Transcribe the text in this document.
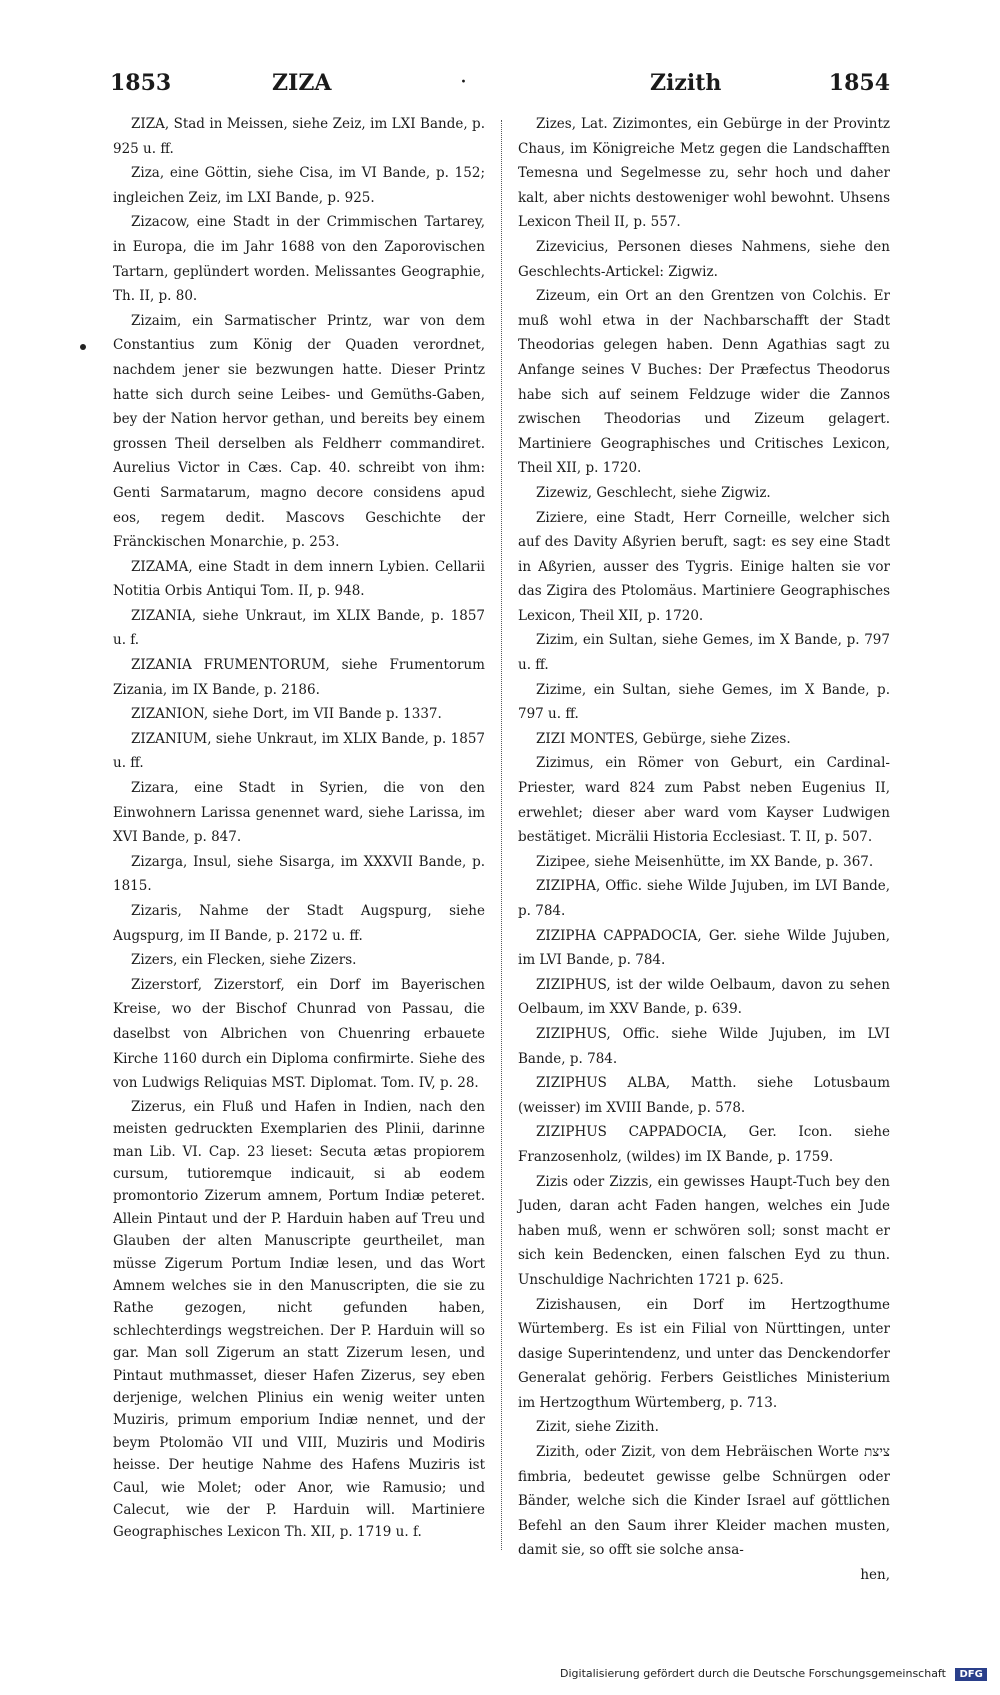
1853	ZIZA	·	Zizith	1854

ZIZA, Stad in Meissen, siehe Zeiz, im LXI Bande, p. 925 u. ff.

Ziza, eine Göttin, siehe Cisa, im VI Bande, p. 152; ingleichen Zeiz, im LXI Bande, p. 925.

Zizacow, eine Stadt in der Crimmischen Tartarey, in Europa, die im Jahr 1688 von den Zaporovischen Tartarn, geplündert worden. Melissantes Geographie, Th. II, p. 80.

Zizaim, ein Sarmatischer Printz, war von dem Constantius zum König der Quaden verordnet, nachdem jener sie bezwungen hatte. Dieser Printz hatte sich durch seine Leibes- und Gemüths-Gaben, bey der Nation hervor gethan, und bereits bey einem grossen Theil derselben als Feldherr commandiret. Aurelius Victor in Cæs. Cap. 40. schreibt von ihm: Genti Sarmatarum, magno decore considens apud eos, regem dedit. Mascovs Geschichte der Fränckischen Monarchie, p. 253.

ZIZAMA, eine Stadt in dem innern Lybien. Cellarii Notitia Orbis Antiqui Tom. II, p. 948.

ZIZANIA, siehe Unkraut, im XLIX Bande, p. 1857 u. f.

ZIZANIA FRUMENTORUM, siehe Frumentorum Zizania, im IX Bande, p. 2186.

ZIZANION, siehe Dort, im VII Bande p. 1337.

ZIZANIUM, siehe Unkraut, im XLIX Bande, p. 1857 u. ff.

Zizara, eine Stadt in Syrien, die von den Einwohnern Larissa genennet ward, siehe Larissa, im XVI Bande, p. 847.

Zizarga, Insul, siehe Sisarga, im XXXVII Bande, p. 1815.

Zizaris, Nahme der Stadt Augspurg, siehe Augspurg, im II Bande, p. 2172 u. ff.

Zizers, ein Flecken, siehe Zizers.

Zizerstorf, Zizerstorf, ein Dorf im Bayerischen Kreise, wo der Bischof Chunrad von Passau, die daselbst von Albrichen von Chuenring erbauete Kirche 1160 durch ein Diploma confirmirte. Siehe des von Ludwigs Reliquias MST. Diplomat. Tom. IV, p. 28.

Zizerus, ein Fluß und Hafen in Indien, nach den meisten gedruckten Exemplarien des Plinii, darinne man Lib. VI. Cap. 23 lieset: Secuta ætas propiorem cursum, tutioremque indicauit, si ab eodem promontorio Zizerum amnem, Portum Indiæ peteret. Allein Pintaut und der P. Harduin haben auf Treu und Glauben der alten Manuscripte geurtheilet, man müsse Zigerum Portum Indiæ lesen, und das Wort Amnem welches sie in den Manuscripten, die sie zu Rathe gezogen, nicht gefunden haben, schlechterdings wegstreichen. Der P. Harduin will so gar. Man soll Zigerum an statt Zizerum lesen, und Pintaut muthmasset, dieser Hafen Zizerus, sey eben derjenige, welchen Plinius ein wenig weiter unten Muziris, primum emporium Indiæ nennet, und der beym Ptolomäo VII und VIII, Muziris und Modiris heisse. Der heutige Nahme des Hafens Muziris ist Caul, wie Molet; oder Anor, wie Ramusio; und Calecut, wie der P. Harduin will. Martiniere Geographisches Lexicon Th. XII, p. 1719 u. f.

Zizes, Lat. Zizimontes, ein Gebürge in der Provintz Chaus, im Königreiche Metz gegen die Landschafften Temesna und Segelmesse zu, sehr hoch und daher kalt, aber nichts destoweniger wohl bewohnt. Uhsens Lexicon Theil II, p. 557.

Zizevicius, Personen dieses Nahmens, siehe den Geschlechts-Artickel: Zigwiz.

Zizeum, ein Ort an den Grentzen von Colchis. Er muß wohl etwa in der Nachbarschafft der Stadt Theodorias gelegen haben. Denn Agathias sagt zu Anfange seines V Buches: Der Præfectus Theodorus habe sich auf seinem Feldzuge wider die Zannos zwischen Theodorias und Zizeum gelagert. Martiniere Geographisches und Critisches Lexicon, Theil XII, p. 1720.

Zizewiz, Geschlecht, siehe Zigwiz.

Ziziere, eine Stadt, Herr Corneille, welcher sich auf des Davity Aßyrien beruft, sagt: es sey eine Stadt in Aßyrien, ausser des Tygris. Einige halten sie vor das Zigira des Ptolomäus. Martiniere Geographisches Lexicon, Theil XII, p. 1720.

Zizim, ein Sultan, siehe Gemes, im X Bande, p. 797 u. ff.

Zizime, ein Sultan, siehe Gemes, im X Bande, p. 797 u. ff.

ZIZI MONTES, Gebürge, siehe Zizes.

Zizimus, ein Römer von Geburt, ein Cardinal-Priester, ward 824 zum Pabst neben Eugenius II, erwehlet; dieser aber ward vom Kayser Ludwigen bestätiget. Micrälii Historia Ecclesiast. T. II, p. 507.

Zizipee, siehe Meisenhütte, im XX Bande, p. 367.

ZIZIPHA, Offic. siehe Wilde Jujuben, im LVI Bande, p. 784.

ZIZIPHA CAPPADOCIA, Ger. siehe Wilde Jujuben, im LVI Bande, p. 784.

ZIZIPHUS, ist der wilde Oelbaum, davon zu sehen Oelbaum, im XXV Bande, p. 639.

ZIZIPHUS, Offic. siehe Wilde Jujuben, im LVI Bande, p. 784.

ZIZIPHUS ALBA, Matth. siehe Lotusbaum (weisser) im XVIII Bande, p. 578.

ZIZIPHUS CAPPADOCIA, Ger. Icon. siehe Franzosenholz, (wildes) im IX Bande, p. 1759.

Zizis oder Zizzis, ein gewisses Haupt-Tuch bey den Juden, daran acht Faden hangen, welches ein Jude haben muß, wenn er schwören soll; sonst macht er sich kein Bedencken, einen falschen Eyd zu thun. Unschuldige Nachrichten 1721 p. 625.

Zizishausen, ein Dorf im Hertzogthume Würtemberg. Es ist ein Filial von Nürttingen, unter dasige Superintendenz, und unter das Denckendorfer Generalat gehörig. Ferbers Geistliches Ministerium im Hertzogthum Würtemberg, p. 713.

Zizit, siehe Zizith.

Zizith, oder Zizit, von dem Hebräischen Worte ציצת fimbria, bedeutet gewisse gelbe Schnürgen oder Bänder, welche sich die Kinder Israel auf göttlichen Befehl an den Saum ihrer Kleider machen musten, damit sie, so offt sie solche ansa-

hen,

Digitalisierung gefördert durch die Deutsche Forschungsgemeinschaft DFG
